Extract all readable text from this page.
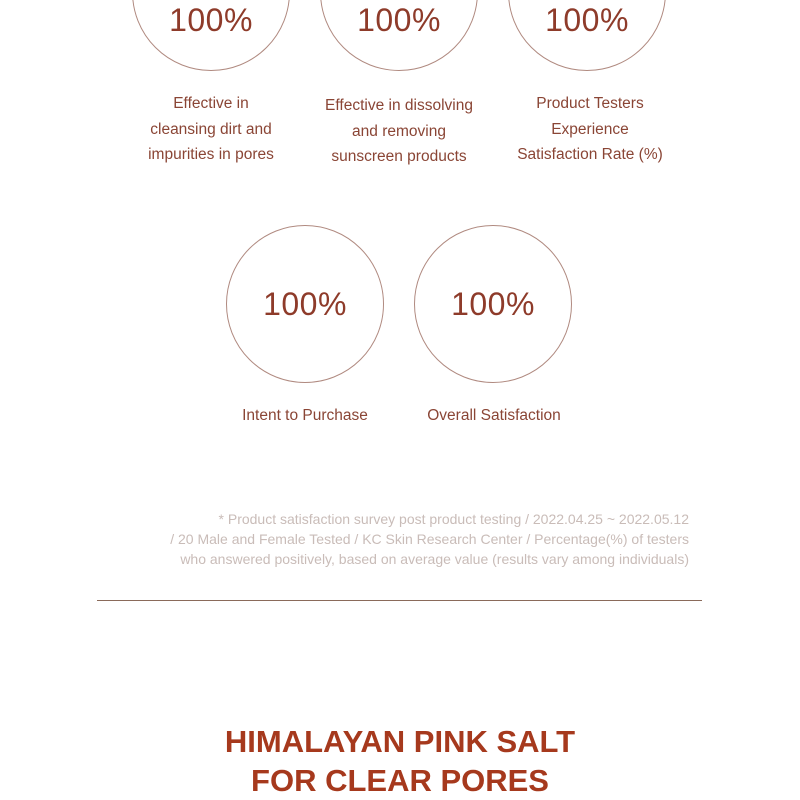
100%	100%	100%
Effective in
cleansing dirt and
impurities in pores
Effective in dissolving
and removing
sunscreen products
Product Testers
Experience
Satisfaction Rate (%)
100%	100%
Intent to Purchase	Overall Satisfaction
* Product satisfaction survey post product testing / 2022.04.25 ~ 2022.05.12
/ 20 Male and Female Tested / KC Skin Research Center / Percentage(%) of testers
who answered positively, based on average value (results vary among individuals)
HIMALAYAN PINK SALT
FOR CLEAR PORES
